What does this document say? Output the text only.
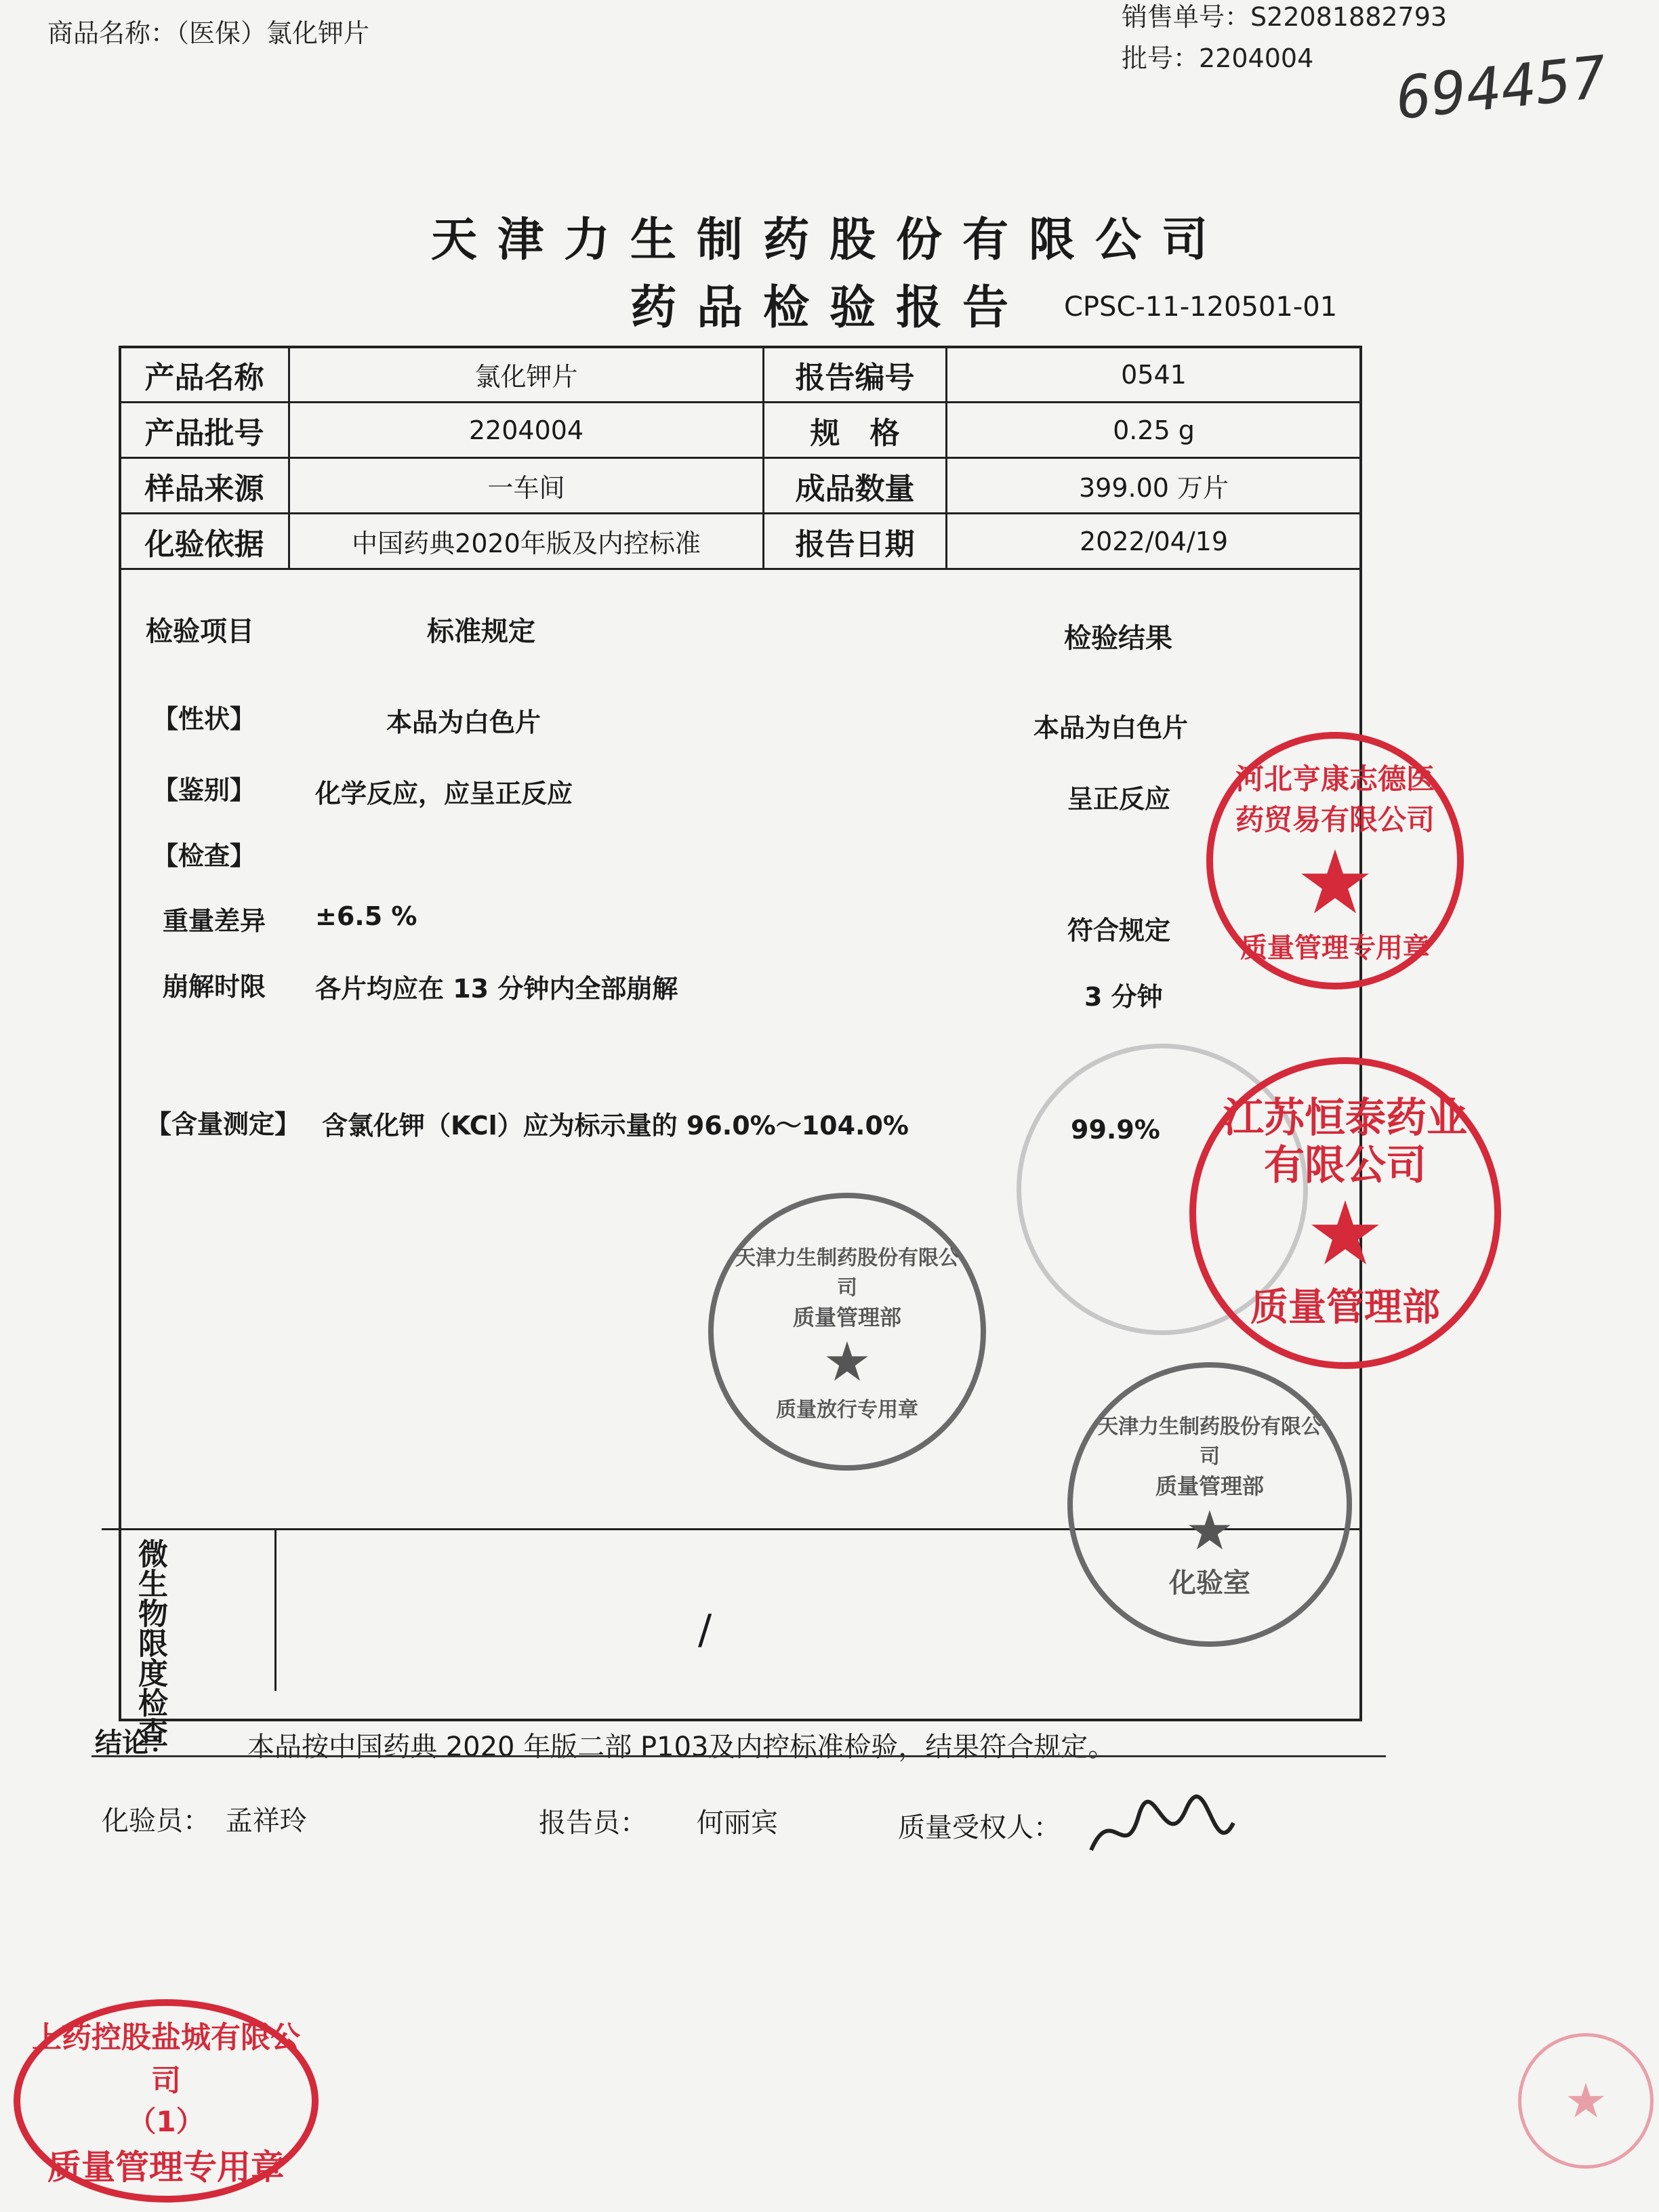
商品名称：（医保）氯化钾片
销售单号：S22081882793
批号：2204004 694457
天津力生制药股份有限公司
药品检验报告	CPSC-11-120501-01
产品名称	氯化钾片	报告编号	0541
产品批号	2204004	规　格	0.25 g
样品来源	一车间	成品数量	399.00 万片
化验依据	中国药典2020年版及内控标准	报告日期	2022/04/19
检验项目	标准规定	检验结果
【性状】	本品为白色片	本品为白色片
【鉴别】 化学反应，应呈正反应	呈正反应
【检查】
重量差异 ±6.5 %	符合规定
崩解时限 各片均应在 13 分钟内全部崩解	3 分钟
【含量测定】 含氯化钾（KCl）应为标示量的 96.0%～104.0%	99.9%
微生物限度检查	/
结论：	本品按中国药典 2020 年版二部 P103及内控标准检验，结果符合规定。
化验员： 孟祥玲	报告员： 何丽宾	质量受权人：
河北亨康志德医药贸易有限公司
★
质量管理专用章
江苏恒泰药业有限公司
★
质量管理部
天津力生制药股份有限公司
质量管理部
★
质量放行专用章
天津力生制药股份有限公司
质量管理部
★
化验室
上药控股盐城有限公司
（1）
质量管理专用章
★
